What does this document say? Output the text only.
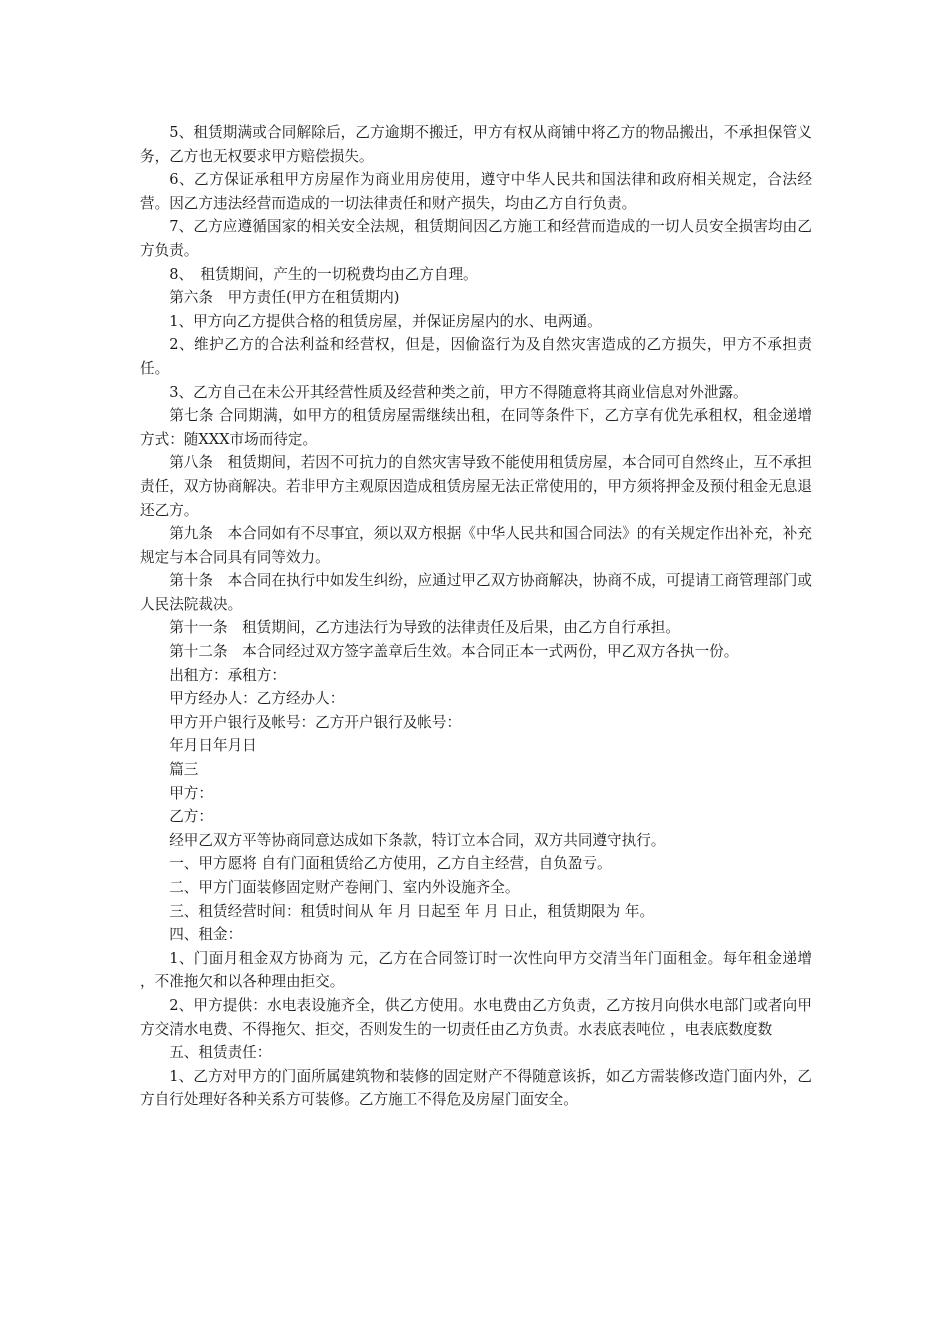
5、租赁期满或合同解除后，乙方逾期不搬迁，甲方有权从商铺中将乙方的物品搬出，不承担保管义务，乙方也无权要求甲方赔偿损失。

6、乙方保证承租甲方房屋作为商业用房使用，遵守中华人民共和国法律和政府相关规定，合法经营。因乙方违法经营而造成的一切法律责任和财产损失，均由乙方自行负责。

7、乙方应遵循国家的相关安全法规，租赁期间因乙方施工和经营而造成的一切人员安全损害均由乙方负责。

8、　租赁期间，产生的一切税费均由乙方自理。

第六条　甲方责任(甲方在租赁期内)

1、甲方向乙方提供合格的租赁房屋，并保证房屋内的水、电两通。

2、维护乙方的合法利益和经营权，但是，因偷盗行为及自然灾害造成的乙方损失，甲方不承担责任。

3、乙方自己在未公开其经营性质及经营种类之前，甲方不得随意将其商业信息对外泄露。

第七条 合同期满，如甲方的租赁房屋需继续出租，在同等条件下，乙方享有优先承租权，租金递增方式：随XXX市场而待定。

第八条　租赁期间，若因不可抗力的自然灾害导致不能使用租赁房屋，本合同可自然终止，互不承担责任，双方协商解决。若非甲方主观原因造成租赁房屋无法正常使用的，甲方须将押金及预付租金无息退还乙方。

第九条　本合同如有不尽事宜，须以双方根据《中华人民共和国合同法》的有关规定作出补充，补充规定与本合同具有同等效力。

第十条　本合同在执行中如发生纠纷，应通过甲乙双方协商解决，协商不成，可提请工商管理部门或人民法院裁决。

第十一条　租赁期间，乙方违法行为导致的法律责任及后果，由乙方自行承担。

第十二条　本合同经过双方签字盖章后生效。本合同正本一式两份，甲乙双方各执一份。

出租方：承租方：

甲方经办人：乙方经办人：

甲方开户银行及帐号：乙方开户银行及帐号：

年月日年月日

篇三

甲方：

乙方：

经甲乙双方平等协商同意达成如下条款，特订立本合同，双方共同遵守执行。

一、甲方愿将 自有门面租赁给乙方使用，乙方自主经营，自负盈亏。

二、甲方门面装修固定财产卷闸门、室内外设施齐全。

三、租赁经营时间：租赁时间从 年 月 日起至 年 月 日止，租赁期限为 年。

四、租金：

1、门面月租金双方协商为 元，乙方在合同签订时一次性向甲方交清当年门面租金。每年租金递增 ，不准拖欠和以各种理由拒交。

2、甲方提供：水电表设施齐全，供乙方使用。水电费由乙方负责，乙方按月向供水电部门或者向甲方交清水电费、不得拖欠、拒交，否则发生的一切责任由乙方负责。水表底表吨位 ，电表底数度数

五、租赁责任：

1、乙方对甲方的门面所属建筑物和装修的固定财产不得随意该拆，如乙方需装修改造门面内外，乙方自行处理好各种关系方可装修。乙方施工不得危及房屋门面安全。
